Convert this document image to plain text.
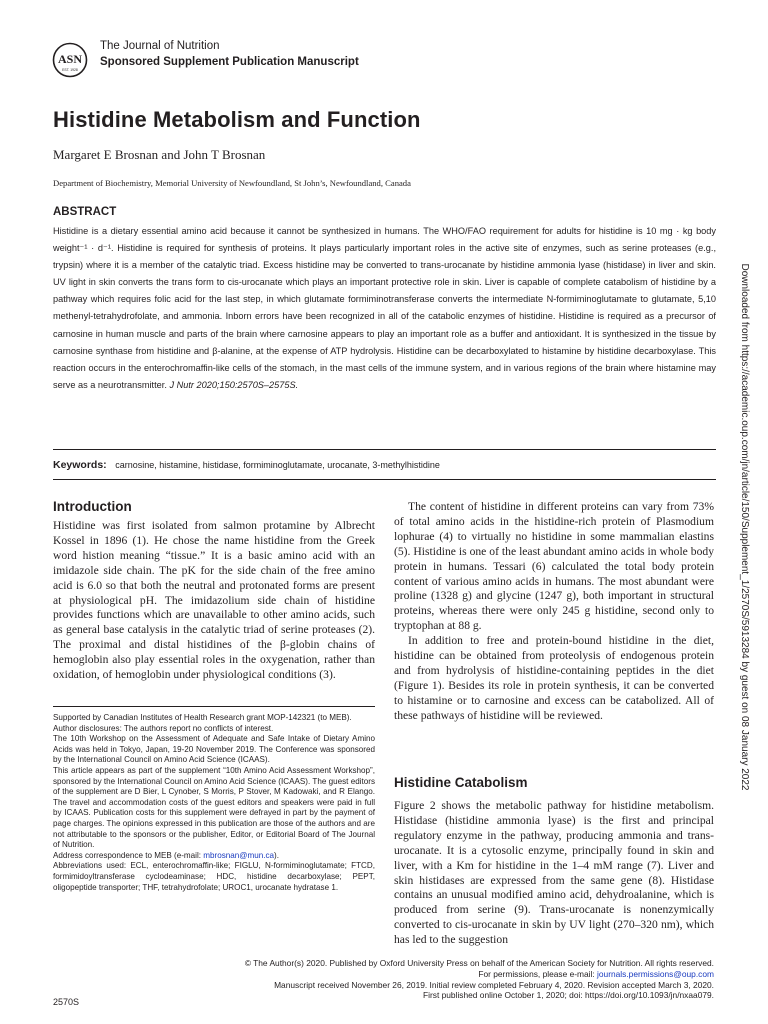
ASN
EST. 1928
The Journal of Nutrition
Sponsored Supplement Publication Manuscript
Histidine Metabolism and Function
Margaret E Brosnan and John T Brosnan
Department of Biochemistry, Memorial University of Newfoundland, St John’s, Newfoundland, Canada
ABSTRACT
Histidine is a dietary essential amino acid because it cannot be synthesized in humans. The WHO/FAO requirement for adults for histidine is 10 mg · kg body weight⁻¹ · d⁻¹. Histidine is required for synthesis of proteins. It plays particularly important roles in the active site of enzymes, such as serine proteases (e.g., trypsin) where it is a member of the catalytic triad. Excess histidine may be converted to trans-urocanate by histidine ammonia lyase (histidase) in liver and skin. UV light in skin converts the trans form to cis-urocanate which plays an important protective role in skin. Liver is capable of complete catabolism of histidine by a pathway which requires folic acid for the last step, in which glutamate formiminotransferase converts the intermediate N-formiminoglutamate to glutamate, 5,10 methenyl-tetrahydrofolate, and ammonia. Inborn errors have been recognized in all of the catabolic enzymes of histidine. Histidine is required as a precursor of carnosine in human muscle and parts of the brain where carnosine appears to play an important role as a buffer and antioxidant. It is synthesized in the tissue by carnosine synthase from histidine and β-alanine, at the expense of ATP hydrolysis. Histidine can be decarboxylated to histamine by histidine decarboxylase. This reaction occurs in the enterochromaffin-like cells of the stomach, in the mast cells of the immune system, and in various regions of the brain where histamine may serve as a neurotransmitter. J Nutr 2020;150:2570S–2575S.
Keywords: carnosine, histamine, histidase, formiminoglutamate, urocanate, 3-methylhistidine
Introduction

Histidine was first isolated from salmon protamine by Albrecht Kossel in 1896 (1). He chose the name histidine from the Greek word histion meaning “tissue.” It is a basic amino acid with an imidazole side chain. The pK for the side chain of the free amino acid is 6.0 so that both the neutral and protonated forms are present at physiological pH. The imidazolium side chain of histidine provides functions which are unavailable to other amino acids, such as general base catalysis in the catalytic triad of serine proteases (2). The proximal and distal histidines of the β-globin chains of hemoglobin also play essential roles in the oxygenation, rather than oxidation, of hemoglobin under physiological conditions (3).

Supported by Canadian Institutes of Health Research grant MOP-142321 (to MEB).

Author disclosures: The authors report no conflicts of interest.

The 10th Workshop on the Assessment of Adequate and Safe Intake of Dietary Amino Acids was held in Tokyo, Japan, 19-20 November 2019. The Conference was sponsored by the International Council on Amino Acid Science (ICAAS).

This article appears as part of the supplement “10th Amino Acid Assessment Workshop”, sponsored by the International Council on Amino Acid Science (ICAAS). The guest editors of the supplement are D Bier, L Cynober, S Morris, P Stover, M Kadowaki, and R Elango. The travel and accommodation costs of the guest editors and speakers were paid in full by ICAAS. Publication costs for this supplement were defrayed in part by the payment of page charges. The opinions expressed in this publication are those of the authors and are not attributable to the sponsors or the publisher, Editor, or Editorial Board of The Journal of Nutrition.

Address correspondence to MEB (e-mail: mbrosnan@mun.ca).

Abbreviations used: ECL, enterochromaffin-like; FIGLU, N-formiminoglutamate; FTCD, formimidoyltransferase cyclodeaminase; HDC, histidine decarboxylase; PEPT, oligopeptide transporter; THF, tetrahydrofolate; UROC1, urocanate hydratase 1.

The content of histidine in different proteins can vary from 73% of total amino acids in the histidine-rich protein of Plasmodium lophurae (4) to virtually no histidine in some mammalian elastins (5). Histidine is one of the least abundant amino acids in whole body protein in humans. Tessari (6) calculated the total body protein content of various amino acids in humans. The most abundant were proline (1328 g) and glycine (1247 g), both important in structural proteins, whereas there were only 245 g histidine, second only to tryptophan at 88 g.

In addition to free and protein-bound histidine in the diet, histidine can be obtained from proteolysis of endogenous protein and from hydrolysis of histidine-containing peptides in the diet (Figure 1). Besides its role in protein synthesis, it can be converted to histamine or to carnosine and excess can be catabolized. All of these pathways of histidine will be reviewed.

Histidine Catabolism

Figure 2 shows the metabolic pathway for histidine metabolism. Histidase (histidine ammonia lyase) is the first and principal regulatory enzyme in the pathway, producing ammonia and trans-urocanate. It is a cytosolic enzyme, principally found in skin and liver, with a Km for histidine in the 1–4 mM range (7). Liver and skin histidases are expressed from the same gene (8). Histidase contains an unusual modified amino acid, dehydroalanine, which is produced from serine (9). Trans-urocanate is nonenzymically converted to cis-urocanate in skin by UV light (270–320 nm), which has led to the suggestion

© The Author(s) 2020. Published by Oxford University Press on behalf of the American Society for Nutrition. All rights reserved.
For permissions, please e-mail: journals.permissions@oup.com
Manuscript received November 26, 2019. Initial review completed February 4, 2020. Revision accepted March 3, 2020.
First published online October 1, 2020; doi: https://doi.org/10.1093/jn/nxaa079.
2570S
Downloaded from https://academic.oup.com/jn/article/150/Supplement_1/2570S/5913284 by guest on 08 January 2022
